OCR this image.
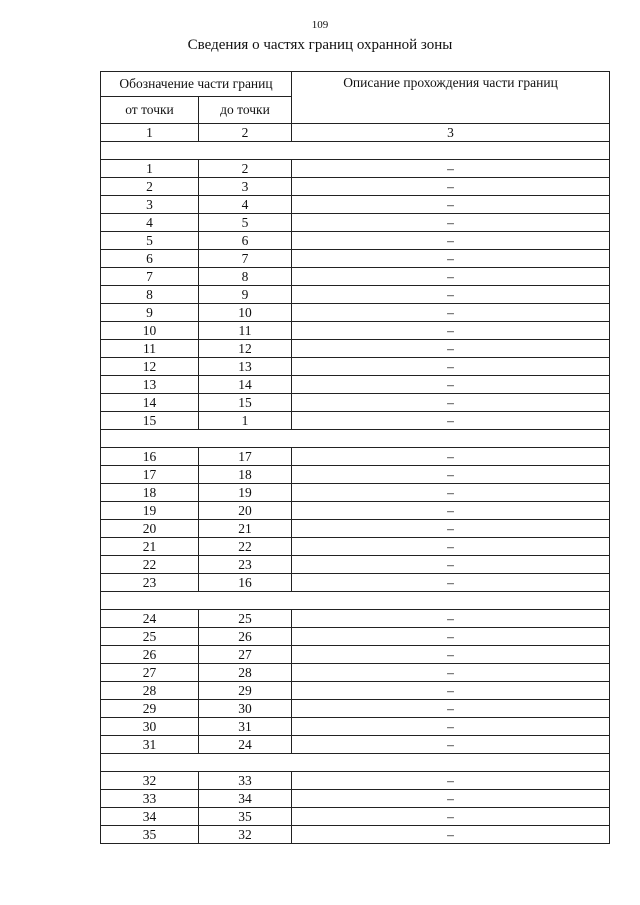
109
Сведения о частях границ охранной зоны
Обозначение части границ		Описание прохождения части границ
от точки	до точки	
1	2	3

1	2	–
2	3	–
3	4	–
4	5	–
5	6	–
6	7	–
7	8	–
8	9	–
9	10	–
10	11	–
11	12	–
12	13	–
13	14	–
14	15	–
15	1	–

16	17	–
17	18	–
18	19	–
19	20	–
20	21	–
21	22	–
22	23	–
23	16	–

24	25	–
25	26	–
26	27	–
27	28	–
28	29	–
29	30	–
30	31	–
31	24	–

32	33	–
33	34	–
34	35	–
35	32	–
